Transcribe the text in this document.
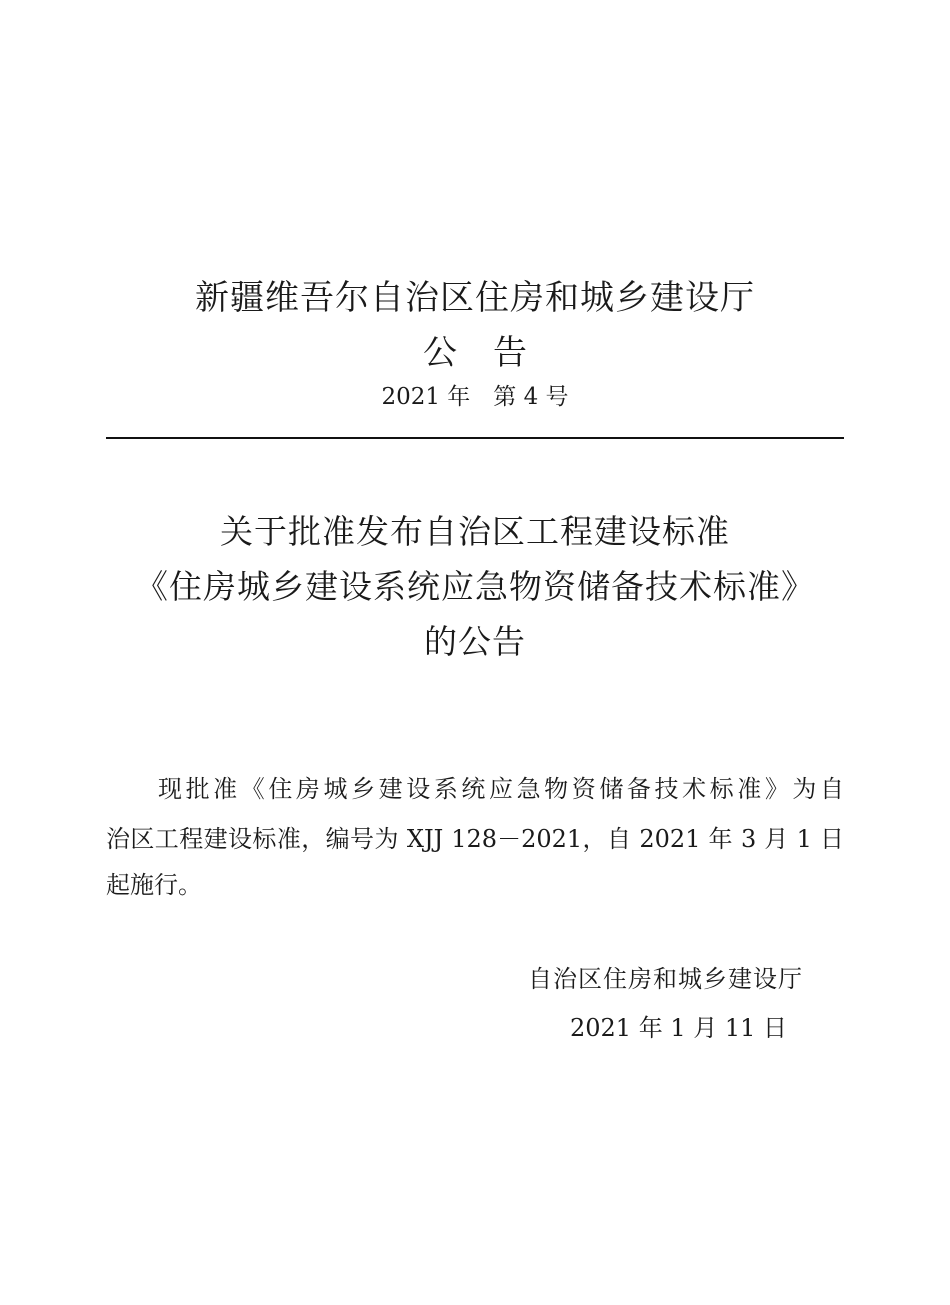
新疆维吾尔自治区住房和城乡建设厅
公告
2021 年　第 4 号
关于批准发布自治区工程建设标准
《住房城乡建设系统应急物资储备技术标准》
的公告
现批准《住房城乡建设系统应急物资储备技术标准》为自
治区工程建设标准，编号为 XJJ 128－2021，自 2021 年 3 月 1 日
起施行。
自治区住房和城乡建设厅
2021 年 1 月 11 日
